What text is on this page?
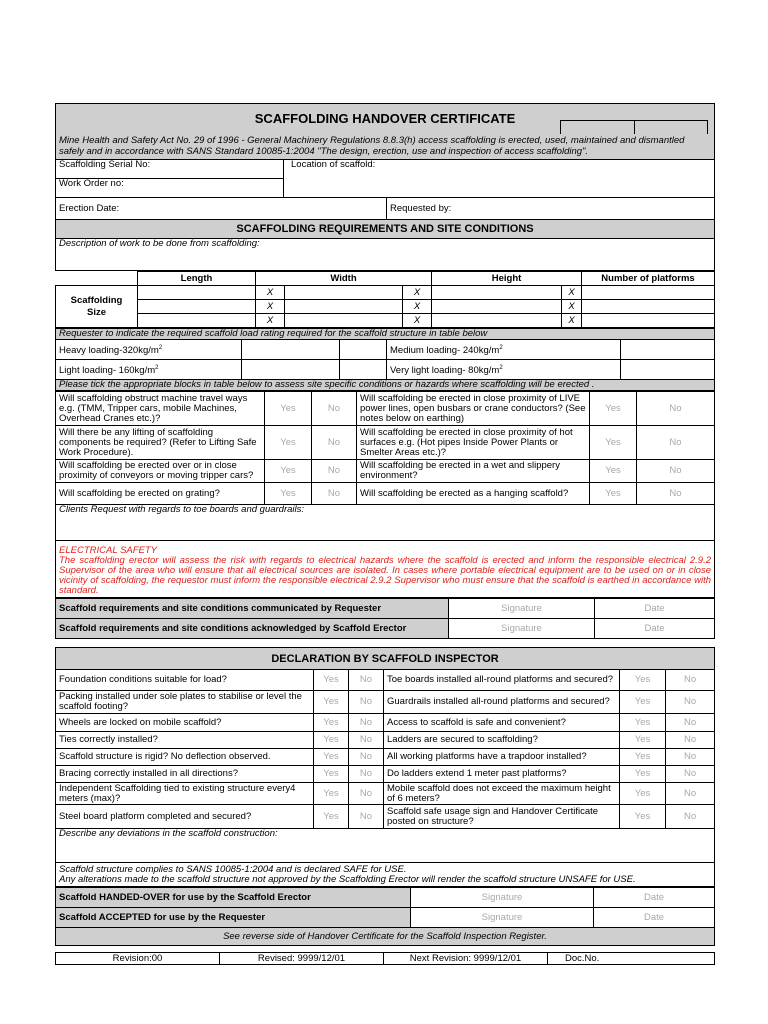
SCAFFOLDING HANDOVER CERTIFICATE		

Mine Health and Safety Act No. 29 of 1996 - General Machinery Regulations 8.8.3(h) access scaffolding is erected, used, maintained and dismantled safely and in accordance with SANS Standard 10085-1:2004 "The design, erection, use and inspection of access scaffolding".		
Scaffolding Serial No:	Location of scaffold:	
Work Order no:		
Erection Date:		Requested by:
SCAFFOLDING REQUIREMENTS AND SITE CONDITIONS		
Description of work to be done from scaffolding:		
	Length	Width			Height		Number of platforms
Scaffolding Size		X		X		X	
		X		X		X	
		X		X		X	
Requester to indicate the required scaffold load rating required for the scaffold structure in table below				
Heavy loading-$320kg/m^2$			Medium loading- $240kg/m^2$	
Light loading- $160kg/m^2$			Very light loading- $80kg/m^2$	
Please tick the appropriate blocks in table below to assess site specific conditions or hazards where scaffolding will be erected .				
Will scaffolding obstruct machine travel ways e.g. (TMM, Tripper cars, mobile Machines, Overhead Cranes etc.)?	Yes	No	Will scaffolding be erected in close proximity of LIVE power lines, open busbars or crane conductors? (See notes below on earthing)	Yes	No
Will there be any lifting of scaffolding components be required? (Refer to Lifting Safe Work Procedure).	Yes	No	Will scaffolding be erected in close proximity of hot surfaces e.g. (Hot pipes Inside Power Plants or Smelter Areas etc.)?	Yes	No
Will scaffolding be erected over or in close proximity of conveyors or moving tripper cars?	Yes	No	Will scaffolding be erected in a wet and slippery environment?	Yes	No
Will scaffolding be erected on grating?	Yes	No	Will scaffolding be erected as a hanging scaffold?	Yes	No
Clients Request with regards to toe boards and guardrails:					

ELECTRICAL SAFETY
The scaffolding erector will assess the risk with regards to electrical hazards where the scaffold is erected and inform the responsible electrical 2.9.2 Supervisor of the area who will ensure that all electrical sources are isolated. In cases where portable electrical equipment are to be used on or in close vicinity of scaffolding, the requestor must inform the responsible electrical 2.9.2 Supervisor who must ensure that the scaffold is earthed in accordance with standard.					
Scaffold requirements and site conditions communicated by Requester	Signature	Date
Scaffold requirements and site conditions acknowledged by Scaffold Erector	Signature	Date
DECLARATION BY SCAFFOLD INSPECTOR					
Foundation conditions suitable for load?	Yes	No	Toe boards installed all-round platforms and secured?	Yes	No
Packing installed under sole plates to stabilise or level the scaffold footing?	Yes	No	Guardrails installed all-round platforms and secured?	Yes	No
Wheels are locked on mobile scaffold?	Yes	No	Access to scaffold is safe and convenient?	Yes	No
Ties correctly installed?	Yes	No	Ladders are secured to scaffolding?	Yes	No
Scaffold structure is rigid? No deflection observed.	Yes	No	All working platforms have a trapdoor installed?	Yes	No
Bracing correctly installed in all directions?	Yes	No	Do ladders extend 1 meter past platforms?	Yes	No
Independent Scaffolding tied to existing structure every4 meters (max)?	Yes	No	Mobile scaffold does not exceed the maximum height of 6 meters?	Yes	No
Steel board platform completed and secured?	Yes	No	Scaffold safe usage sign and Handover Certificate posted on structure?	Yes	No
Describe any deviations in the scaffold construction:					

Scaffold structure complies to SANS 10085-1:2004 and is declared SAFE for USE.
Any alterations made to the scaffold structure not approved by the Scaffolding Erector will render the scaffold structure UNSAFE for USE.					
Scaffold HANDED-OVER for use by the Scaffold Erector	Signature	Date
Scaffold ACCEPTED for use by the Requester	Signature	Date
See reverse side of Handover Certificate for the Scaffold Inspection Register.		
Revision:00	Revised: 9999/12/01	Next Revision: 9999/12/01	Doc.No.
